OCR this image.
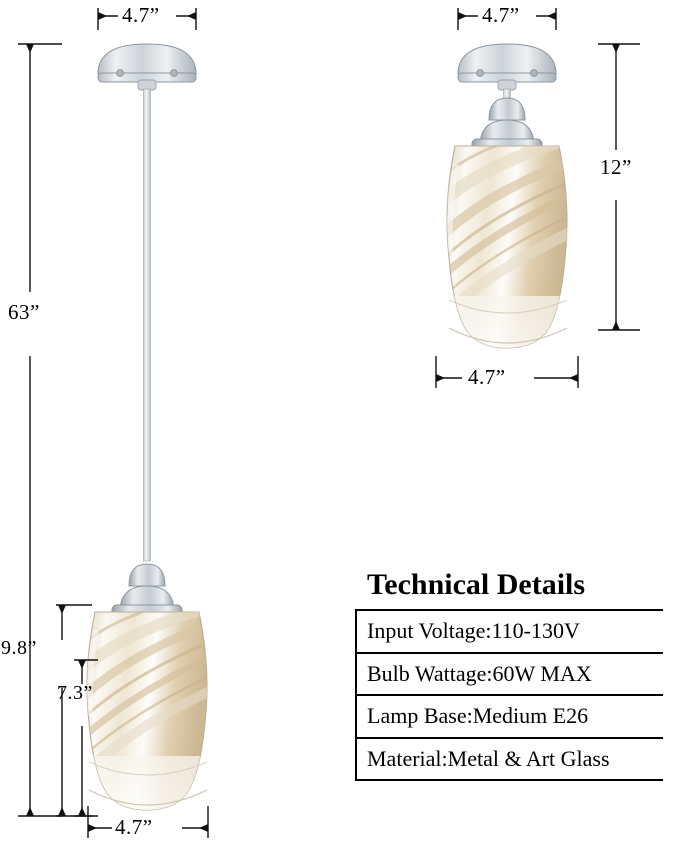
4.7”
63”
9.8”
7.3”
4.7”
4.7”
12”
4.7”
Technical Details
Input Voltage:110-130V
Bulb Wattage:60W MAX
Lamp Base:Medium E26
Material:Metal & Art Glass
